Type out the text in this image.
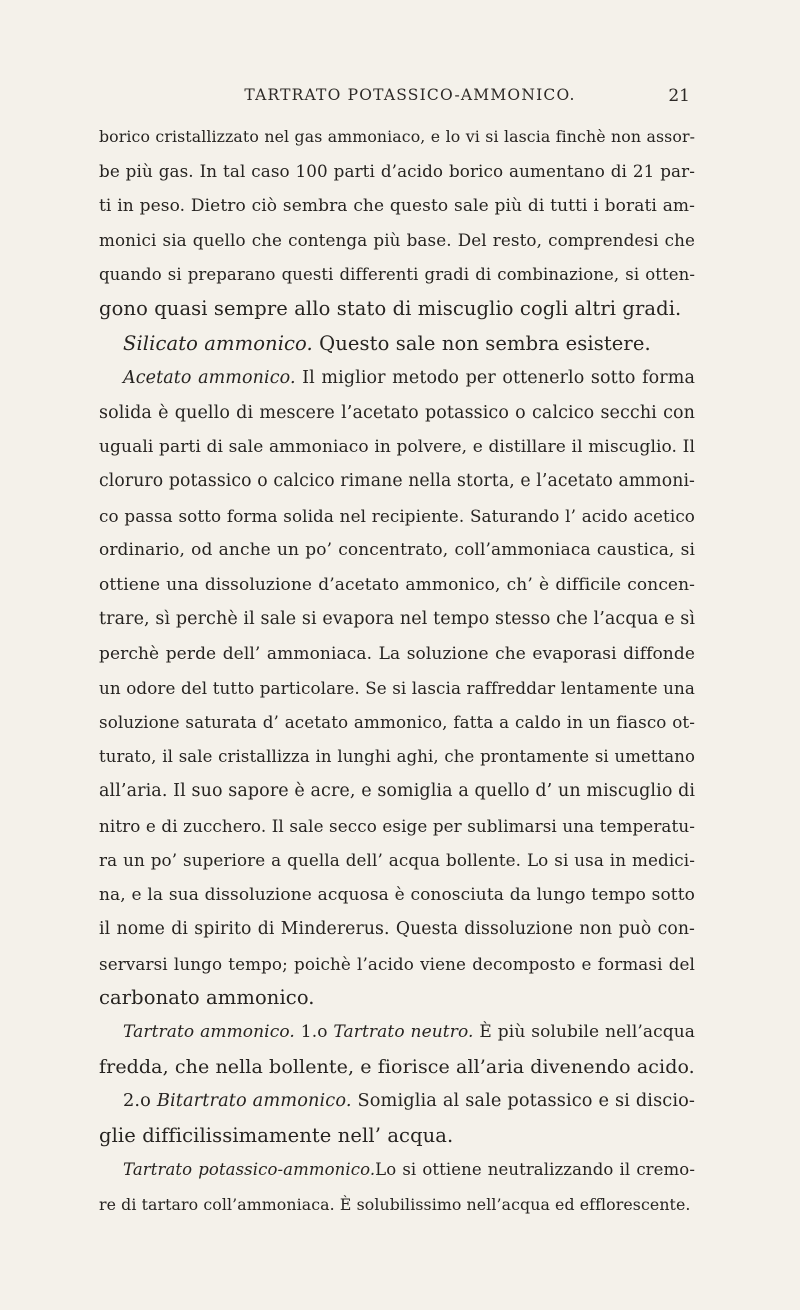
TARTRATO POTASSICO-AMMONICO.	21
borico cristallizzato nel gas ammoniaco, e lo vi si lascia finchè non assor-
be più gas. In tal caso 100 parti d’acido borico aumentano di 21 par-
ti in peso. Dietro ciò sembra che questo sale più di tutti i borati am-
monici sia quello che contenga più base. Del resto, comprendesi che
quando si preparano questi differenti gradi di combinazione, si otten-
gono quasi sempre allo stato di miscuglio cogli altri gradi.
Silicato ammonico. Questo sale non sembra esistere.
Acetato ammonico. Il miglior metodo per ottenerlo sotto forma
solida è quello di mescere l’acetato potassico o calcico secchi con
uguali parti di sale ammoniaco in polvere, e distillare il miscuglio. Il
cloruro potassico o calcico rimane nella storta, e l’acetato ammoni-
co passa sotto forma solida nel recipiente. Saturando l’ acido acetico
ordinario, od anche un po’ concentrato, coll’ammoniaca caustica, si
ottiene una dissoluzione d’acetato ammonico, ch’ è difficile concen-
trare, sì perchè il sale si evapora nel tempo stesso che l’acqua e sì
perchè perde dell’ ammoniaca. La soluzione che evaporasi diffonde
un odore del tutto particolare. Se si lascia raffreddar lentamente una
soluzione saturata d’ acetato ammonico, fatta a caldo in un fiasco ot-
turato, il sale cristallizza in lunghi aghi, che prontamente si umettano
all’aria. Il suo sapore è acre, e somiglia a quello d’ un miscuglio di
nitro e di zucchero. Il sale secco esige per sublimarsi una temperatu-
ra un po’ superiore a quella dell’ acqua bollente. Lo si usa in medici-
na, e la sua dissoluzione acquosa è conosciuta da lungo tempo sotto
il nome di spirito di Mindererus. Questa dissoluzione non può con-
servarsi lungo tempo; poichè l’acido viene decomposto e formasi del
carbonato ammonico.
Tartrato ammonico. 1.o Tartrato neutro. È più solubile nell’acqua
fredda, che nella bollente, e fiorisce all’aria divenendo acido.
2.o Bitartrato ammonico. Somiglia al sale potassico e si discio-
glie difficilissimamente nell’ acqua.
Tartrato potassico-ammonico.Lo si ottiene neutralizzando il cremo-
re di tartaro coll’ammoniaca. È solubilissimo nell’acqua ed efflorescente.
